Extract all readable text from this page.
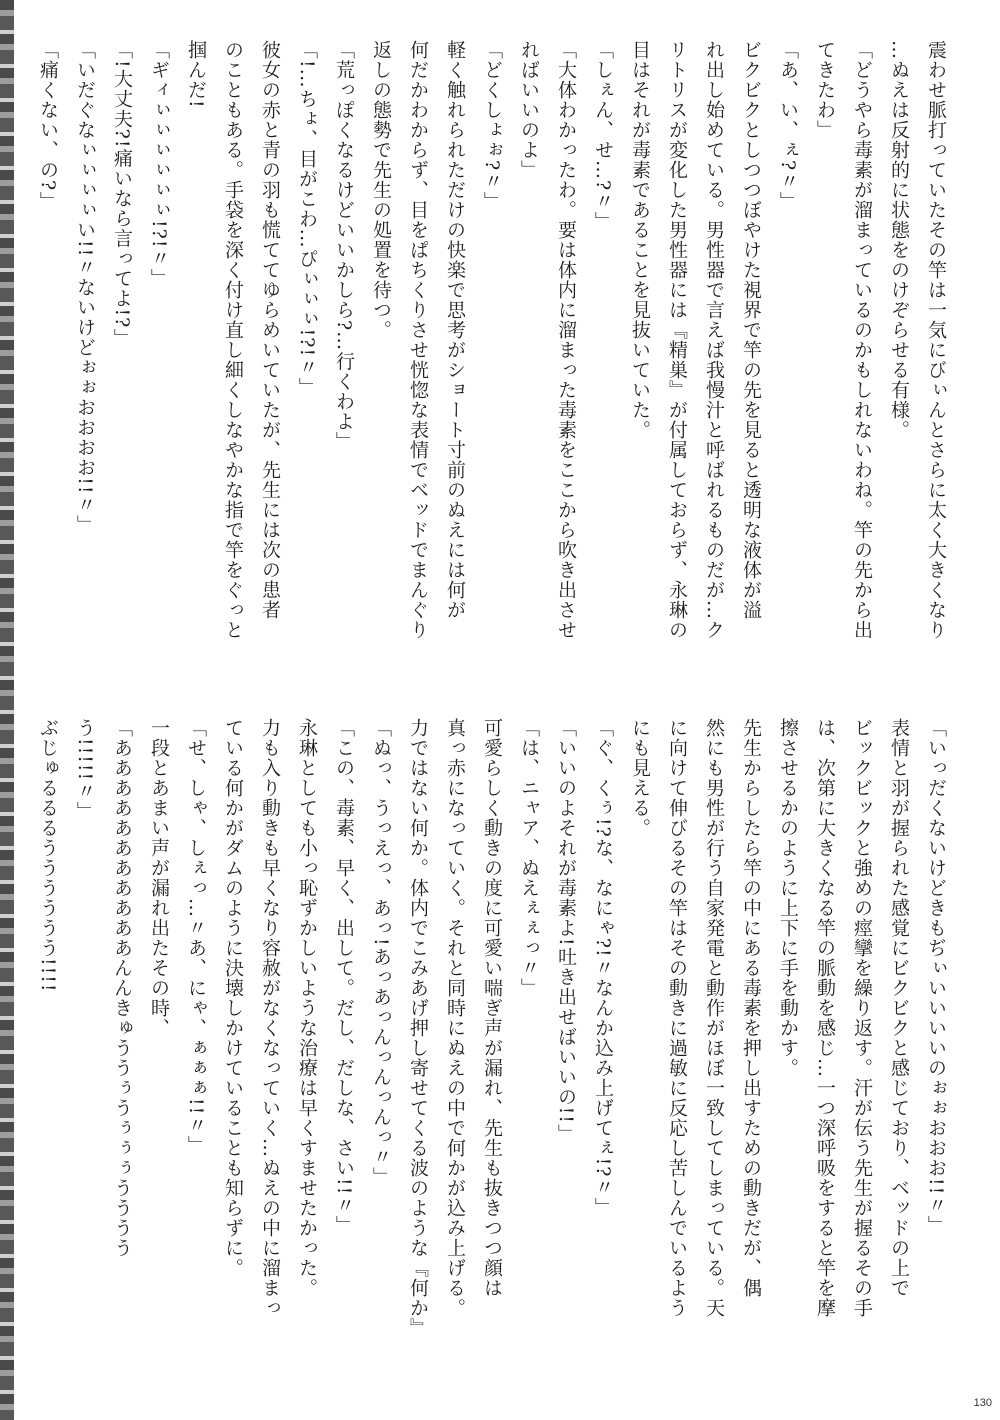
震わせ脈打っていたその竿は一気にびぃんとさらに太く大きくなり
…ぬえは反射的に状態をのけぞらせる有様。
「どうやら毒素が溜まっているのかもしれないわね。竿の先から出
てきたわ」
「あ、い、ぇ?〃」
ビクビクとしつつぼやけた視界で竿の先を見ると透明な液体が溢
れ出し始めている。男性器で言えば我慢汁と呼ばれるものだが…ク
リトリスが変化した男性器には『精巣』が付属しておらず、永琳の
目はそれが毒素であることを見抜いていた。
「しぇん、せ…?〃」
「大体わかったわ。要は体内に溜まった毒素をここから吹き出させ
ればいいのよ」
「どくしょぉ?〃」
軽く触れられただけの快楽で思考がショート寸前のぬえには何が
何だかわからず、目をぱちくりさせ恍惚な表情でベッドでまんぐり
返しの態勢で先生の処置を待つ。
「荒っぽくなるけどいいかしら?…行くわよ」
「!…ちょ、目がこわ…ぴぃぃぃ!?!〃」
彼女の赤と青の羽も慌ててゆらめいていたが、先生には次の患者
のこともある。手袋を深く付け直し細くしなやかな指で竿をぐっと
掴んだ!
「ギィぃぃぃぃぃぃ!?!〃」
「!大丈夫?!痛いなら言ってよ!?」
「いだぐなぃぃぃぃい!!〃ないけどぉぉおおおお!!〃」
「痛くない、の?」
「いっだくないけどきもぢぃいいいいのぉぉおおお!!〃」
表情と羽が握られた感覚にビクビクと感じており、ベッドの上で
ビックビックと強めの痙攣を繰り返す。汗が伝う先生が握るその手
は、次第に大きくなる竿の脈動を感じ…一つ深呼吸をすると竿を摩
擦させるかのように上下に手を動かす。
先生からしたら竿の中にある毒素を押し出すための動きだが、偶
然にも男性が行う自家発電と動作がほぼ一致してしまっている。天
に向けて伸びるその竿はその動きに過敏に反応し苦しんでいるよう
にも見える。
「ぐ、くぅ!?な、なにゃ?!〃なんか込み上げてぇ!?〃」
「いいのよそれが毒素よ!吐き出せばいいの!!」
「は、ニャア、ぬえぇぇっ〃」
可愛らしく動きの度に可愛い喘ぎ声が漏れ、先生も抜きつつ顔は
真っ赤になっていく。それと同時にぬえの中で何かが込み上げる。
力ではない何か。体内でこみあげ押し寄せてくる波のような『何か』
「ぬっ、うっえっ、あっ!あっあっんっんっんっ〃」
「この、毒素、早く、出して。だし、だしな、さい!!〃」
永琳としても小っ恥ずかしいような治療は早くすませたかった。
力も入り動きも早くなり容赦がなくなっていく…ぬえの中に溜まっ
ている何かがダムのように決壊しかけていることも知らずに。
「せ、しゃ、しぇっ…〃あ、にゃ、ぁぁぁ!!〃」
一段とあまい声が漏れ出たその時、
「あああああああああああんんきゅううぅうぅぅぅうううう
う!!!!!〃」
ぶじゅるるるうううううう!!!!
130
